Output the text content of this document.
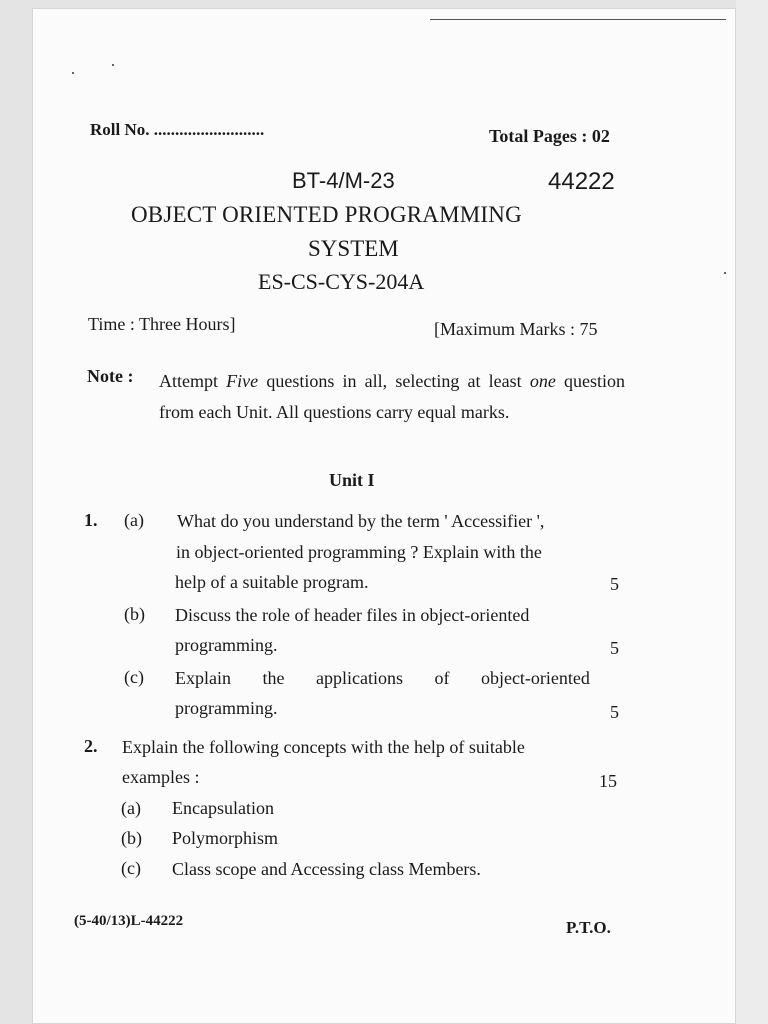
Roll No. ..........................	Total Pages : 02
BT-4/M-23	44222
OBJECT ORIENTED PROGRAMMING
SYSTEM
ES-CS-CYS-204A
Time : Three Hours]	[Maximum Marks : 75
Note : Attempt Five questions in all, selecting at least one question from each Unit. All questions carry equal marks.
Unit I
1. (a) What do you understand by the term ' Accessifier ',
in object-oriented programming ? Explain with the
help of a suitable program.	5
(b) Discuss the role of header files in object-oriented
programming.	5
(c) Explain the applications of object-oriented
programming.	5
2. Explain the following concepts with the help of suitable
examples :	15
(a) Encapsulation
(b) Polymorphism
(c) Class scope and Accessing class Members.
(5-40/13)L-44222	P.T.O.
